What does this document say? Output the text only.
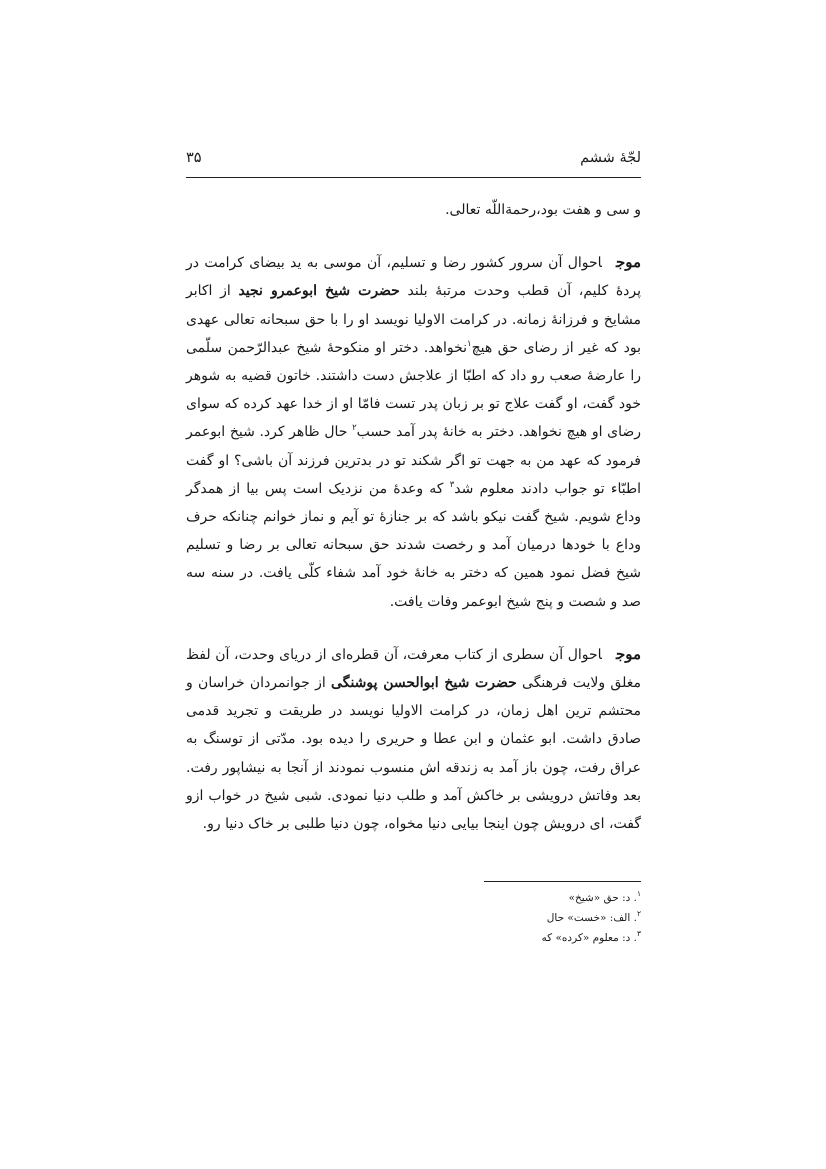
لجّهٔ ششم
۳۵

و سی و هفت بود،رحمةاللّه تعالی.

موجاحوال آن سرور کشور رضا و تسلیم، آن موسی به ید بیضای کرامت در پردهٔ کلیم، آن قطب وحدت مرتبهٔ بلند حضرت شیخ ابوعمرو نجید از اکابر مشایخ و فرزانهٔ زمانه. در کرامت الاولیا نویسد او را با حق سبحانه تعالی عهدی بود که غیر از رضای حق هیچ$^۱$نخواهد. دختر او منکوحهٔ شیخ عبدالرّحمن سلّمی را عارضهٔ صعب رو داد که اطبّا از علاجش دست داشتند. خاتون قضیه به شوهر خود گفت، او گفت علاج تو بر زبان پدر تست فامّا او از خدا عهد کرده که سوای رضای او هیچ نخواهد. دختر به خانهٔ پدر آمد حسب$^۲$ حال ظاهر کرد. شیخ ابوعمر فرمود که عهد من به جهت تو اگر شکند تو در بدترین فرزند آن باشی؟ او گفت اطبّاء تو جواب دادند معلوم شد$^۳$ که وعدهٔ من نزدیک است پس بیا از همدگر وداع شویم. شیخ گفت نیکو باشد که بر جنازهٔ تو آیم و نماز خوانم چنانکه حرف وداع با خودها درمیان آمد و رخصت شدند حق سبحانه تعالی بر رضا و تسلیم شیخ فضل نمود همین که دختر به خانهٔ خود آمد شفاء کلّی یافت. در سنه سه صد و شصت و پنج شیخ ابوعمر وفات یافت.

موجاحوال آن سطری از کتاب معرفت، آن قطره‌ای از دریای وحدت، آن لفظ مغلق ولایت فرهنگی حضرت شیخ ابوالحسن پوشنگی از جوانمردان خراسان و محتشم ترین اهل زمان، در کرامت الاولیا نویسد در طریقت و تجرید قدمی صادق داشت. ابو عثمان و ابن عطا و حریری را دیده بود. مدّتی از توسنگ به عراق رفت، چون باز آمد به زندقه اش منسوب نمودند از آنجا به نیشاپور رفت. بعد وفاتش درویشی بر خاکش آمد و طلب دنیا نمودی. شبی شیخ در خواب ازو گفت، ای درویش چون اینجا بیایی دنیا مخواه، چون دنیا طلبی بر خاک دنیا رو.

$^۱$. د: حق «شیخ»

$^۲$. الف: «خست» حال

$^۳$. د: معلوم «کرده» که
